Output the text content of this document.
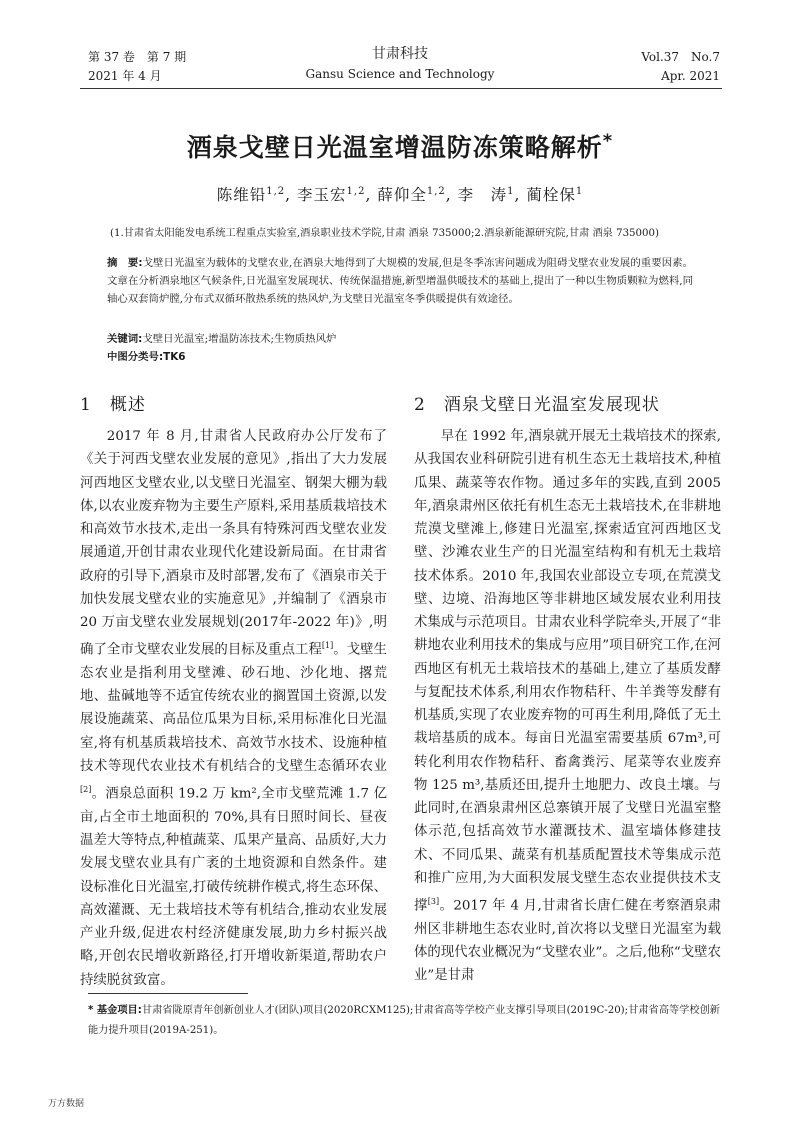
第 37 卷　第 7 期
2021 年 4 月
甘肃科技
Gansu Science and Technology
Vol.37　No.7
Apr. 2021
酒泉戈壁日光温室增温防冻策略解析*
陈维铅$^{1,2}$, 李玉宏$^{1,2}$, 薛仰全$^{1,2}$, 李　涛$^1$, 蔺栓保$^1$
(1.甘肃省太阳能发电系统工程重点实验室,酒泉职业技术学院,甘肃 酒泉 735000;2.酒泉新能源研究院,甘肃 酒泉 735000)
摘　要:戈壁日光温室为载体的戈壁农业,在酒泉大地得到了大规模的发展,但是冬季冻害问题成为阻碍戈壁农业发展的重要因素。文章在分析酒泉地区气候条件,日光温室发展现状、传统保温措施,新型增温供暖技术的基础上,提出了一种以生物质颗粒为燃料,同轴心双套筒炉膛,分布式双循环散热系统的热风炉,为戈壁日光温室冬季供暖提供有效途径。
关键词:戈壁日光温室;增温防冻技术;生物质热风炉
中图分类号:TK6
1　概述	2　酒泉戈壁日光温室发展现状

2017 年 8 月,甘肃省人民政府办公厅发布了《关于河西戈壁农业发展的意见》,指出了大力发展河西地区戈壁农业,以戈壁日光温室、钢架大棚为载体,以农业废弃物为主要生产原料,采用基质栽培技术和高效节水技术,走出一条具有特殊河西戈壁农业发展通道,开创甘肃农业现代化建设新局面。在甘肃省政府的引导下,酒泉市及时部署,发布了《酒泉市关于加快发展戈壁农业的实施意见》,并编制了《酒泉市 20 万亩戈壁农业发展规划(2017年-2022 年)》,明确了全市戈壁农业发展的目标及重点工程[1]。戈壁生态农业是指利用戈壁滩、砂石地、沙化地、撂荒地、盐碱地等不适宜传统农业的搁置国土资源,以发展设施蔬菜、高品位瓜果为目标,采用标准化日光温室,将有机基质栽培技术、高效节水技术、设施种植技术等现代农业技术有机结合的戈壁生态循环农业[2]。酒泉总面积 19.2 万 km²,全市戈壁荒滩 1.7 亿亩,占全市土地面积的 70%,具有日照时间长、昼夜温差大等特点,种植蔬菜、瓜果产量高、品质好,大力发展戈壁农业具有广袤的土地资源和自然条件。建设标准化日光温室,打破传统耕作模式,将生态环保、高效灌溉、无土栽培技术等有机结合,推动农业发展产业升级,促进农村经济健康发展,助力乡村振兴战略,开创农民增收新路径,打开增收新渠道,帮助农户持续脱贫致富。

早在 1992 年,酒泉就开展无土栽培技术的探索,从我国农业科研院引进有机生态无土栽培技术,种植瓜果、蔬菜等农作物。通过多年的实践,直到 2005 年,酒泉肃州区依托有机生态无土栽培技术,在非耕地荒漠戈壁滩上,修建日光温室,探索适宜河西地区戈壁、沙滩农业生产的日光温室结构和有机无土栽培技术体系。2010 年,我国农业部设立专项,在荒漠戈壁、边境、沿海地区等非耕地区域发展农业利用技术集成与示范项目。甘肃农业科学院牵头,开展了“非耕地农业利用技术的集成与应用”项目研究工作,在河西地区有机无土栽培技术的基础上,建立了基质发酵与复配技术体系,利用农作物秸秆、牛羊粪等发酵有机基质,实现了农业废弃物的可再生利用,降低了无土栽培基质的成本。每亩日光温室需要基质 67m³,可转化利用农作物秸秆、畜禽粪污、尾菜等农业废弃物 125 m³,基质还田,提升土地肥力、改良土壤。与此同时,在酒泉肃州区总寨镇开展了戈壁日光温室整体示范,包括高效节水灌溉技术、温室墙体修建技术、不同瓜果、蔬菜有机基质配置技术等集成示范和推广应用,为大面积发展戈壁生态农业提供技术支撑[3]。2017 年 4 月,甘肃省长唐仁健在考察酒泉肃州区非耕地生态农业时,首次将以戈壁日光温室为载体的现代农业概况为“戈壁农业”。之后,他称“戈壁农业”是甘肃

* 基金项目:甘肃省陇原青年创新创业人才(团队)项目(2020RCXM125);甘肃省高等学校产业支撑引导项目(2019C-20);甘肃省高等学校创新能力提升项目(2019A-251)。
万方数据
